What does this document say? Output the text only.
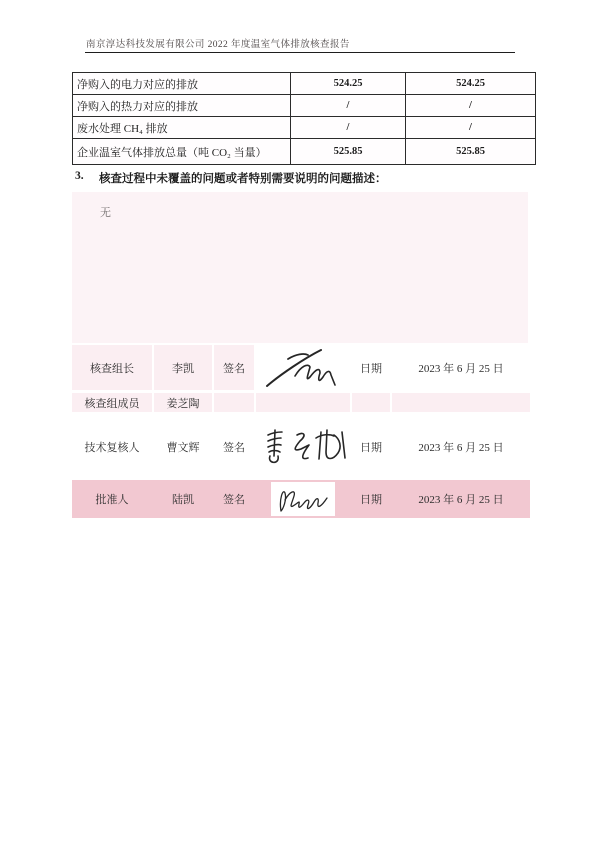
南京淳达科技发展有限公司 2022 年度温室气体排放核查报告
净购入的电力对应的排放	524.25	524.25
净购入的热力对应的排放	/	/
废水处理 CH₄ 排放	/	/
企业温室气体排放总量（吨 CO₂ 当量）	525.85	525.85
3.	核查过程中未覆盖的问题或者特别需要说明的问题描述：
无
核查组长	李凯	签名	日期	2023 年 6 月 25 日
核查组成员	姜芝陶
技术复核人	曹文辉	签名	日期	2023 年 6 月 25 日
批准人	陆凯	签名	日期	2023 年 6 月 25 日
